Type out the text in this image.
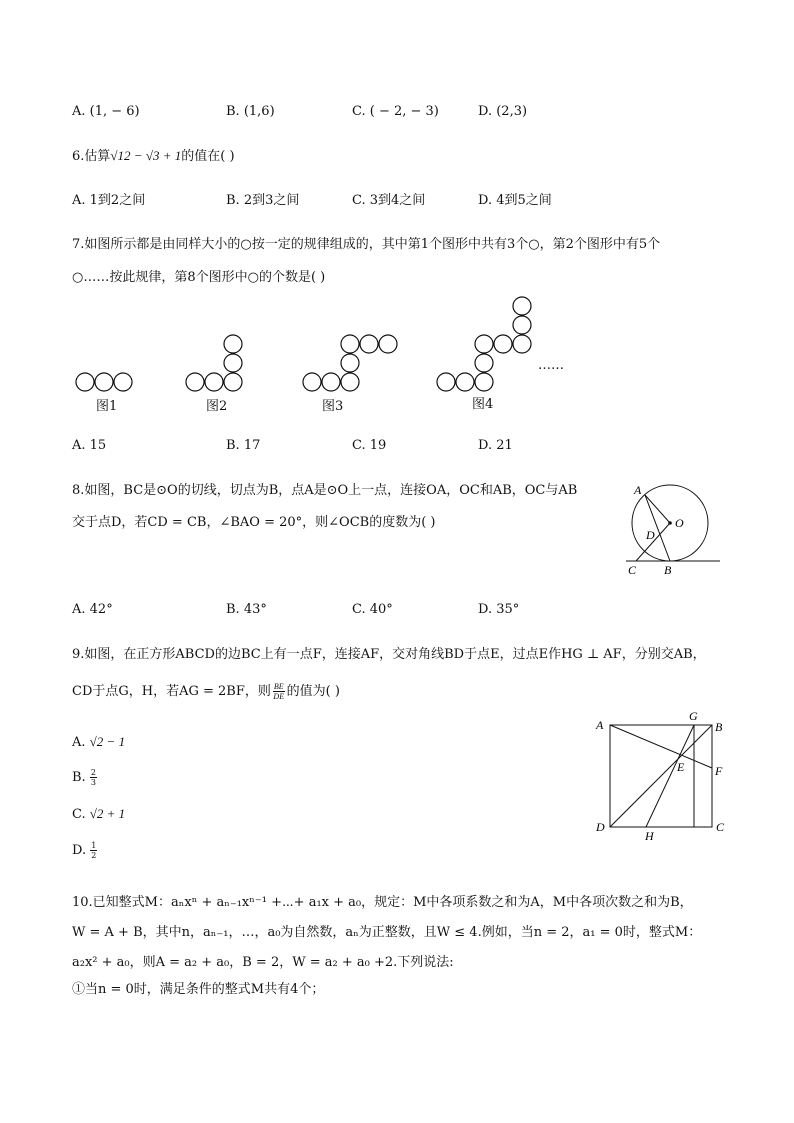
A. (1, − 6)	B. (1,6)	C. ( − 2, − 3)	D. (2,3)
6.估算√12 − √3 + 1的值在( )
A. 1到2之间	B. 2到3之间	C. 3到4之间	D. 4到5之间
7.如图所示都是由同样大小的○按一定的规律组成的，其中第1个图形中共有3个○，第2个图形中有5个
○……按此规律，第8个图形中○的个数是( )
图1	图2	图3	图4
……
A. 15	B. 17	C. 19	D. 21
8.如图，BC是⊙O的切线，切点为B，点A是⊙O上一点，连接OA，OC和AB，OC与AB
交于点D，若CD = CB，∠BAO = 20°，则∠OCB的度数为( )
A
O
D
C B
A. 42°	B. 43°	C. 40°	D. 35°
9.如图，在正方形ABCD的边BC上有一点F，连接AF，交对角线BD于点E，过点E作HG ⊥ AF，分别交AB，
CD于点G，H，若AG = 2BF，则 $\frac{BE}{DE}$ 的值为( )
A. √2 − 1
B. $\frac{2}{3}$
C. √2 + 1
D. $\frac{1}{2}$
A
G
B
E	F
D
H
C
10.已知整式M：aₙxⁿ + aₙ₋₁xⁿ⁻¹ +⋯+ a₁x + a₀，规定：M中各项系数之和为A，M中各项次数之和为B，
W = A + B，其中n，aₙ₋₁，…，a₀为自然数，aₙ为正整数，且W ≤ 4.例如，当n = 2，a₁ = 0时，整式M：
a₂x² + a₀，则A = a₂ + a₀，B = 2，W = a₂ + a₀ +2.下列说法:
①当n = 0时，满足条件的整式M共有4个；
